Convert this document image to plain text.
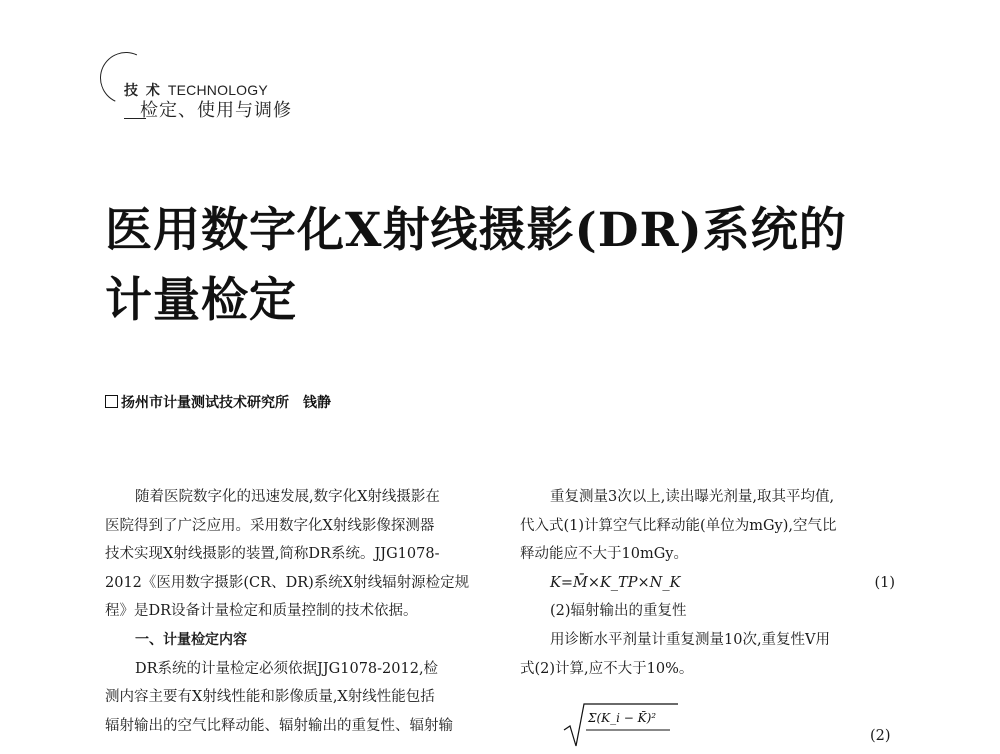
技 术 TECHNOLOGY
检定、使用与调修
医用数字化X射线摄影(DR)系统的
计量检定
扬州市计量测试技术研究所 钱静

随着医院数字化的迅速发展,数字化X射线摄影在

医院得到了广泛应用。采用数字化X射线影像探测器

技术实现X射线摄影的装置,简称DR系统。JJG1078-

2012《医用数字摄影(CR、DR)系统X射线辐射源检定规

程》是DR设备计量检定和质量控制的技术依据。

一、计量检定内容

DR系统的计量检定必须依据JJG1078-2012,检

测内容主要有X射线性能和影像质量,X射线性能包括

辐射输出的空气比释动能、辐射输出的重复性、辐射输

重复测量3次以上,读出曝光剂量,取其平均值,

代入式(1)计算空气比释动能(单位为mGy),空气比

释动能应不大于10mGy。

K=M̄×K_TP×N_K	(1)

(2)辐射输出的重复性

用诊断水平剂量计重复测量10次,重复性V用

式(2)计算,应不大于10%。

Σ(K_i − K̄)²
(2)
